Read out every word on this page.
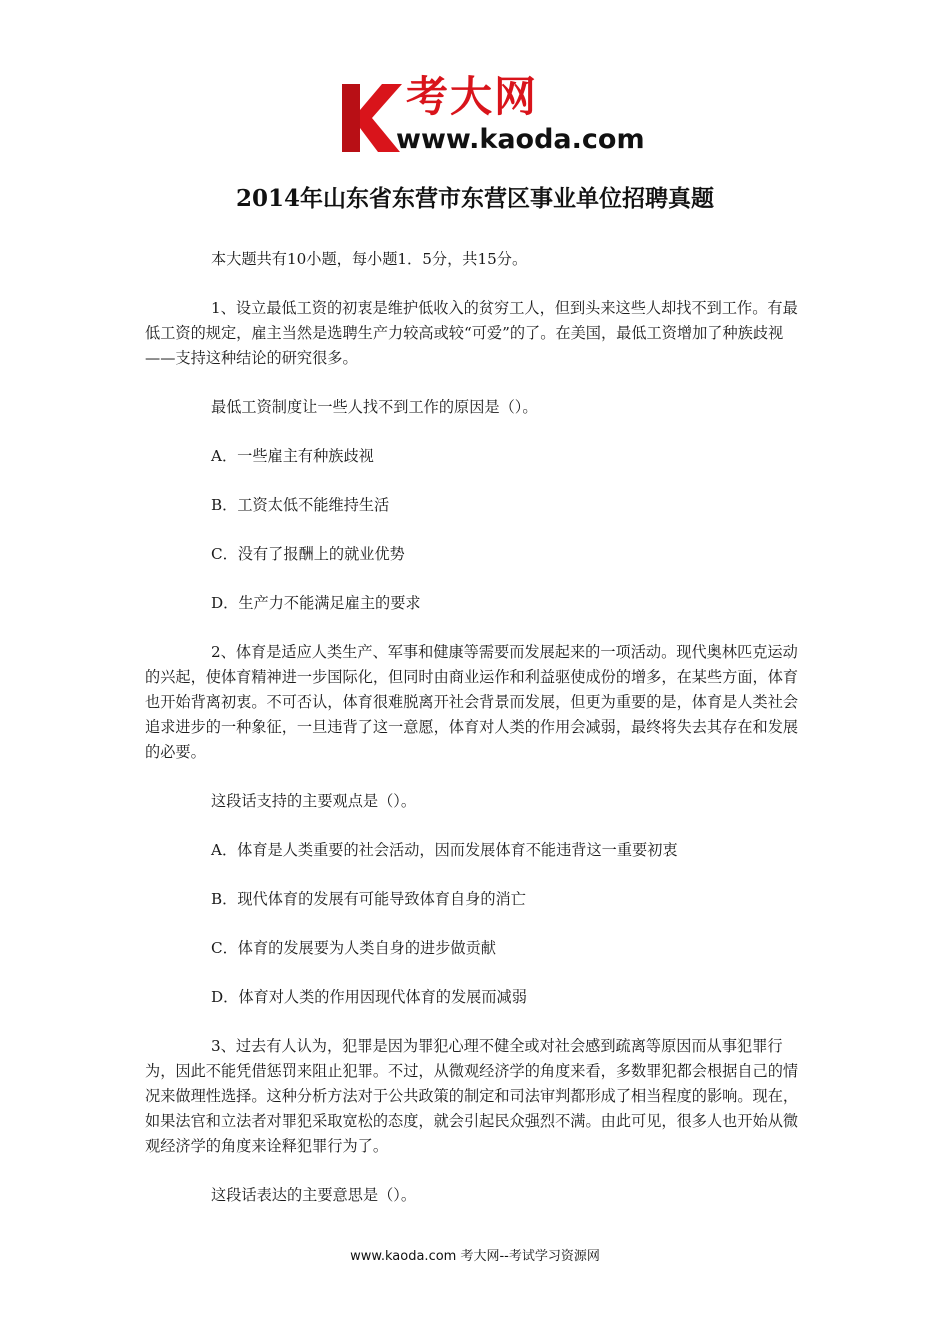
考大网
www.kaoda.com
2014年山东省东营市东营区事业单位招聘真题

本大题共有10小题，每小题1．5分，共15分。

1、设立最低工资的初衷是维护低收入的贫穷工人，但到头来这些人却找不到工作。有最低工资的规定，雇主当然是选聘生产力较高或较“可爱”的了。在美国，最低工资增加了种族歧视——支持这种结论的研究很多。

最低工资制度让一些人找不到工作的原因是（）。

A．一些雇主有种族歧视

B．工资太低不能维持生活

C．没有了报酬上的就业优势

D．生产力不能满足雇主的要求

2、体育是适应人类生产、军事和健康等需要而发展起来的一项活动。现代奥林匹克运动的兴起，使体育精神进一步国际化，但同时由商业运作和利益驱使成份的增多，在某些方面，体育也开始背离初衷。不可否认，体育很难脱离开社会背景而发展，但更为重要的是，体育是人类社会追求进步的一种象征，一旦违背了这一意愿，体育对人类的作用会减弱，最终将失去其存在和发展的必要。

这段话支持的主要观点是（）。

A．体育是人类重要的社会活动，因而发展体育不能违背这一重要初衷

B．现代体育的发展有可能导致体育自身的消亡

C．体育的发展要为人类自身的进步做贡献

D．体育对人类的作用因现代体育的发展而减弱

3、过去有人认为，犯罪是因为罪犯心理不健全或对社会感到疏离等原因而从事犯罪行为，因此不能凭借惩罚来阻止犯罪。不过，从微观经济学的角度来看，多数罪犯都会根据自己的情况来做理性选择。这种分析方法对于公共政策的制定和司法审判都形成了相当程度的影响。现在，如果法官和立法者对罪犯采取宽松的态度，就会引起民众强烈不满。由此可见，很多人也开始从微观经济学的角度来诠释犯罪行为了。

这段话表达的主要意思是（）。

www.kaoda.com 考大网--考试学习资源网
